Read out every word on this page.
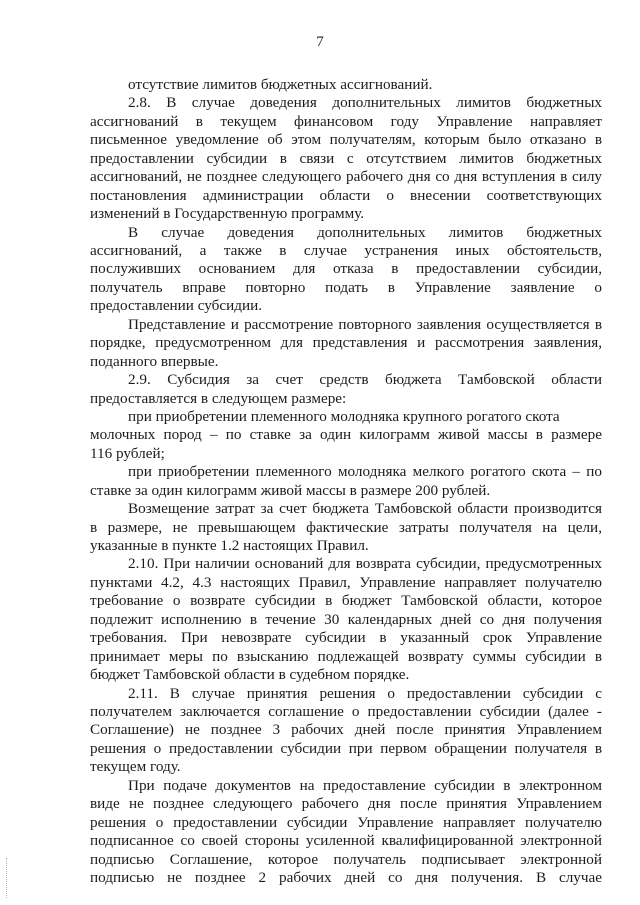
7
отсутствие лимитов бюджетных ассигнований.
2.8. В случае доведения дополнительных лимитов бюджетных
ассигнований в текущем финансовом году Управление направляет
письменное уведомление об этом получателям, которым было отказано в
предоставлении субсидии в связи с отсутствием лимитов бюджетных
ассигнований, не позднее следующего рабочего дня со дня вступления в силу
постановления администрации области о внесении соответствующих
изменений в Государственную программу.
В случае доведения дополнительных лимитов бюджетных
ассигнований, а также в случае устранения иных обстоятельств,
послуживших основанием для отказа в предоставлении субсидии,
получатель вправе повторно подать в Управление заявление о
предоставлении субсидии.
Представление и рассмотрение повторного заявления осуществляется в
порядке, предусмотренном для представления и рассмотрения заявления,
поданного впервые.
2.9. Субсидия за счет средств бюджета Тамбовской области
предоставляется в следующем размере:
при приобретении племенного молодняка крупного рогатого скота
молочных пород – по ставке за один килограмм живой массы в размере
116 рублей;
при приобретении племенного молодняка мелкого рогатого скота – по
ставке за один килограмм живой массы в размере 200 рублей.
Возмещение затрат за счет бюджета Тамбовской области производится
в размере, не превышающем фактические затраты получателя на цели,
указанные в пункте 1.2 настоящих Правил.
2.10. При наличии оснований для возврата субсидии, предусмотренных
пунктами 4.2, 4.3 настоящих Правил, Управление направляет получателю
требование о возврате субсидии в бюджет Тамбовской области, которое
подлежит исполнению в течение 30 календарных дней со дня получения
требования. При невозврате субсидии в указанный срок Управление
принимает меры по взысканию подлежащей возврату суммы субсидии в
бюджет Тамбовской области в судебном порядке.
2.11. В случае принятия решения о предоставлении субсидии с
получателем заключается соглашение о предоставлении субсидии (далее -
Соглашение) не позднее 3 рабочих дней после принятия Управлением
решения о предоставлении субсидии при первом обращении получателя в
текущем году.
При подаче документов на предоставление субсидии в электронном
виде не позднее следующего рабочего дня после принятия Управлением
решения о предоставлении субсидии Управление направляет получателю
подписанное со своей стороны усиленной квалифицированной электронной
подписью Соглашение, которое получатель подписывает электронной
подписью не позднее 2 рабочих дней со дня получения. В случае
